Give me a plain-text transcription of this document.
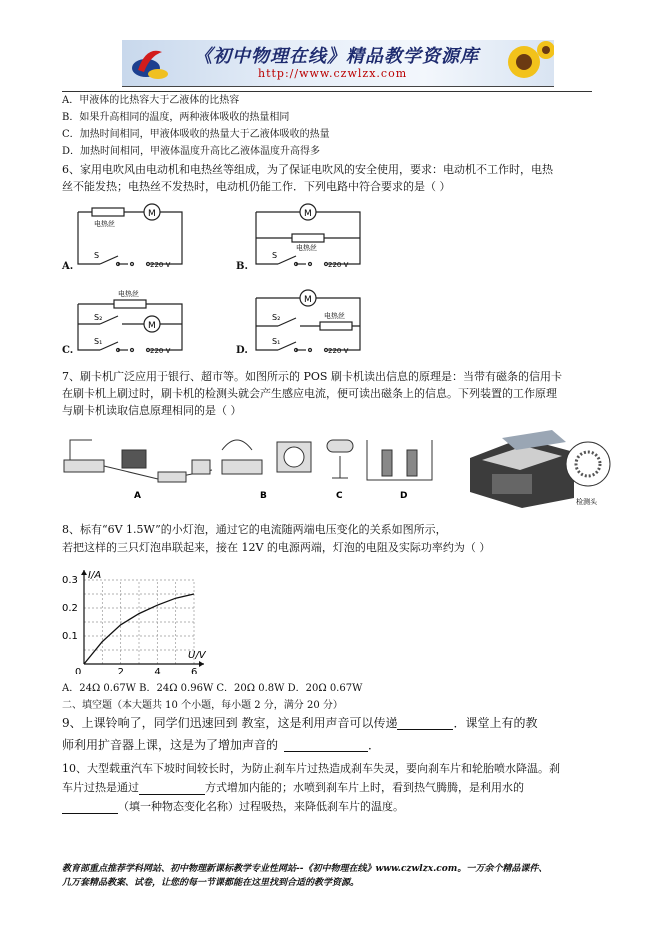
《初中物理在线》精品教学资源库
http://www.czwlzx.com
A．甲液体的比热容大于乙液体的比热容
B．如果升高相同的温度，两种液体吸收的热量相同
C．加热时间相同，甲液体吸收的热量大于乙液体吸收的热量
D．加热时间相同，甲液体温度升高比乙液体温度升高得多
6、家用电吹风由电动机和电热丝等组成，为了保证电吹风的安全使用，要求：电动机不工作时，电热
丝不能发热；电热丝不发热时，电动机仍能工作．下列电路中符合要求的是（ ）
A.
M
电热丝
S
220 V	B.
M
电热丝
S
220 V
C.
电热丝
M
S₂
S₁
220 V	D.
M
电热丝
S₂
S₁
220 V
7、刷卡机广泛应用于银行、超市等。如图所示的 POS 刷卡机读出信息的原理是：当带有磁条的信用卡
在刷卡机上刷过时，刷卡机的检测头就会产生感应电流，便可读出磁条上的信息。下列装置的工作原理
与刷卡机读取信息原理相同的是（ ）
A	B	C	D
检测头
8、标有“6V 1.5W”的小灯泡，通过它的电流随两端电压变化的关系如图所示，
若把这样的三只灯泡串联起来，接在 12V 的电源两端，灯泡的电阻及实际功率约为（ ）
2	4	6
0.1
0.2
0.3
0
U/V
I/A
A．24Ω 0.67W B．24Ω 0.96W C．20Ω 0.8W D．20Ω 0.67W
二、填空题（本大题共 10 个小题，每小题 2 分，满分 20 分）
9、上课铃响了，同学们迅速回到 教室，这是利用声音可以传递	．课堂上有的教
师利用扩音器上课，这是为了增加声音的	．
10、大型载重汽车下坡时间较长时，为防止刹车片过热造成刹车失灵，要向刹车片和轮胎喷水降温。刹
车片过热是通过	方式增加内能的；水喷到刹车片上时，看到热气腾腾，是利用水的
（填一种物态变化名称）过程吸热，来降低刹车片的温度。
教育部重点推荐学科网站、初中物理新课标教学专业性网站--《初中物理在线》www.czwlzx.com。一万余个精品课件、
几万套精品教案、试卷，让您的每一节课都能在这里找到合适的教学资源。
